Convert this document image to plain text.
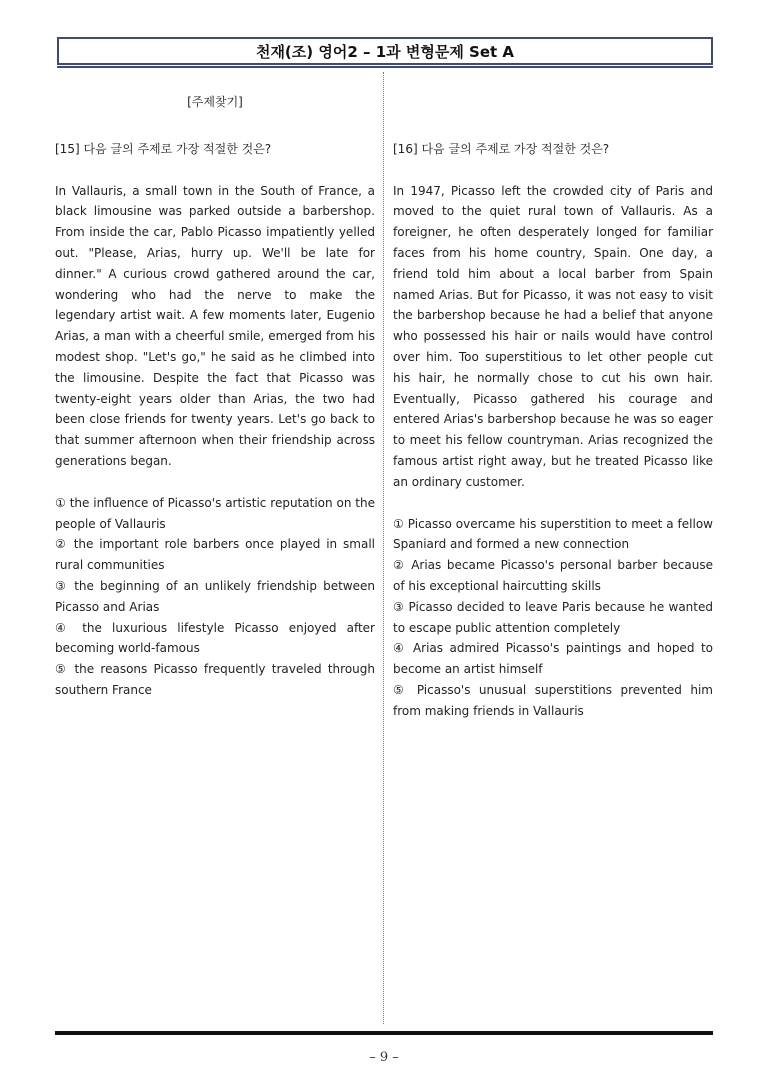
천재(조) 영어2 – 1과 변형문제 Set A
[주제찾기]
[15] 다음 글의 주제로 가장 적절한 것은?
In Vallauris, a small town in the South of France, a black limousine was parked outside a barbershop. From inside the car, Pablo Picasso impatiently yelled out. "Please, Arias, hurry up. We'll be late for dinner." A curious crowd gathered around the car, wondering who had the nerve to make the legendary artist wait. A few moments later, Eugenio Arias, a man with a cheerful smile, emerged from his modest shop. "Let's go," he said as he climbed into the limousine. Despite the fact that Picasso was twenty-eight years older than Arias, the two had been close friends for twenty years. Let's go back to that summer afternoon when their friendship across generations began.
① the influence of Picasso's artistic reputation on the people of Vallauris
② the important role barbers once played in small rural communities
③ the beginning of an unlikely friendship between Picasso and Arias
④ the luxurious lifestyle Picasso enjoyed after becoming world-famous
⑤ the reasons Picasso frequently traveled through southern France
[16] 다음 글의 주제로 가장 적절한 것은?
In 1947, Picasso left the crowded city of Paris and moved to the quiet rural town of Vallauris. As a foreigner, he often desperately longed for familiar faces from his home country, Spain. One day, a friend told him about a local barber from Spain named Arias. But for Picasso, it was not easy to visit the barbershop because he had a belief that anyone who possessed his hair or nails would have control over him. Too superstitious to let other people cut his hair, he normally chose to cut his own hair. Eventually, Picasso gathered his courage and entered Arias's barbershop because he was so eager to meet his fellow countryman. Arias recognized the famous artist right away, but he treated Picasso like an ordinary customer.
① Picasso overcame his superstition to meet a fellow Spaniard and formed a new connection
② Arias became Picasso's personal barber because of his exceptional haircutting skills
③ Picasso decided to leave Paris because he wanted to escape public attention completely
④ Arias admired Picasso's paintings and hoped to become an artist himself
⑤ Picasso's unusual superstitions prevented him from making friends in Vallauris
– 9 –
